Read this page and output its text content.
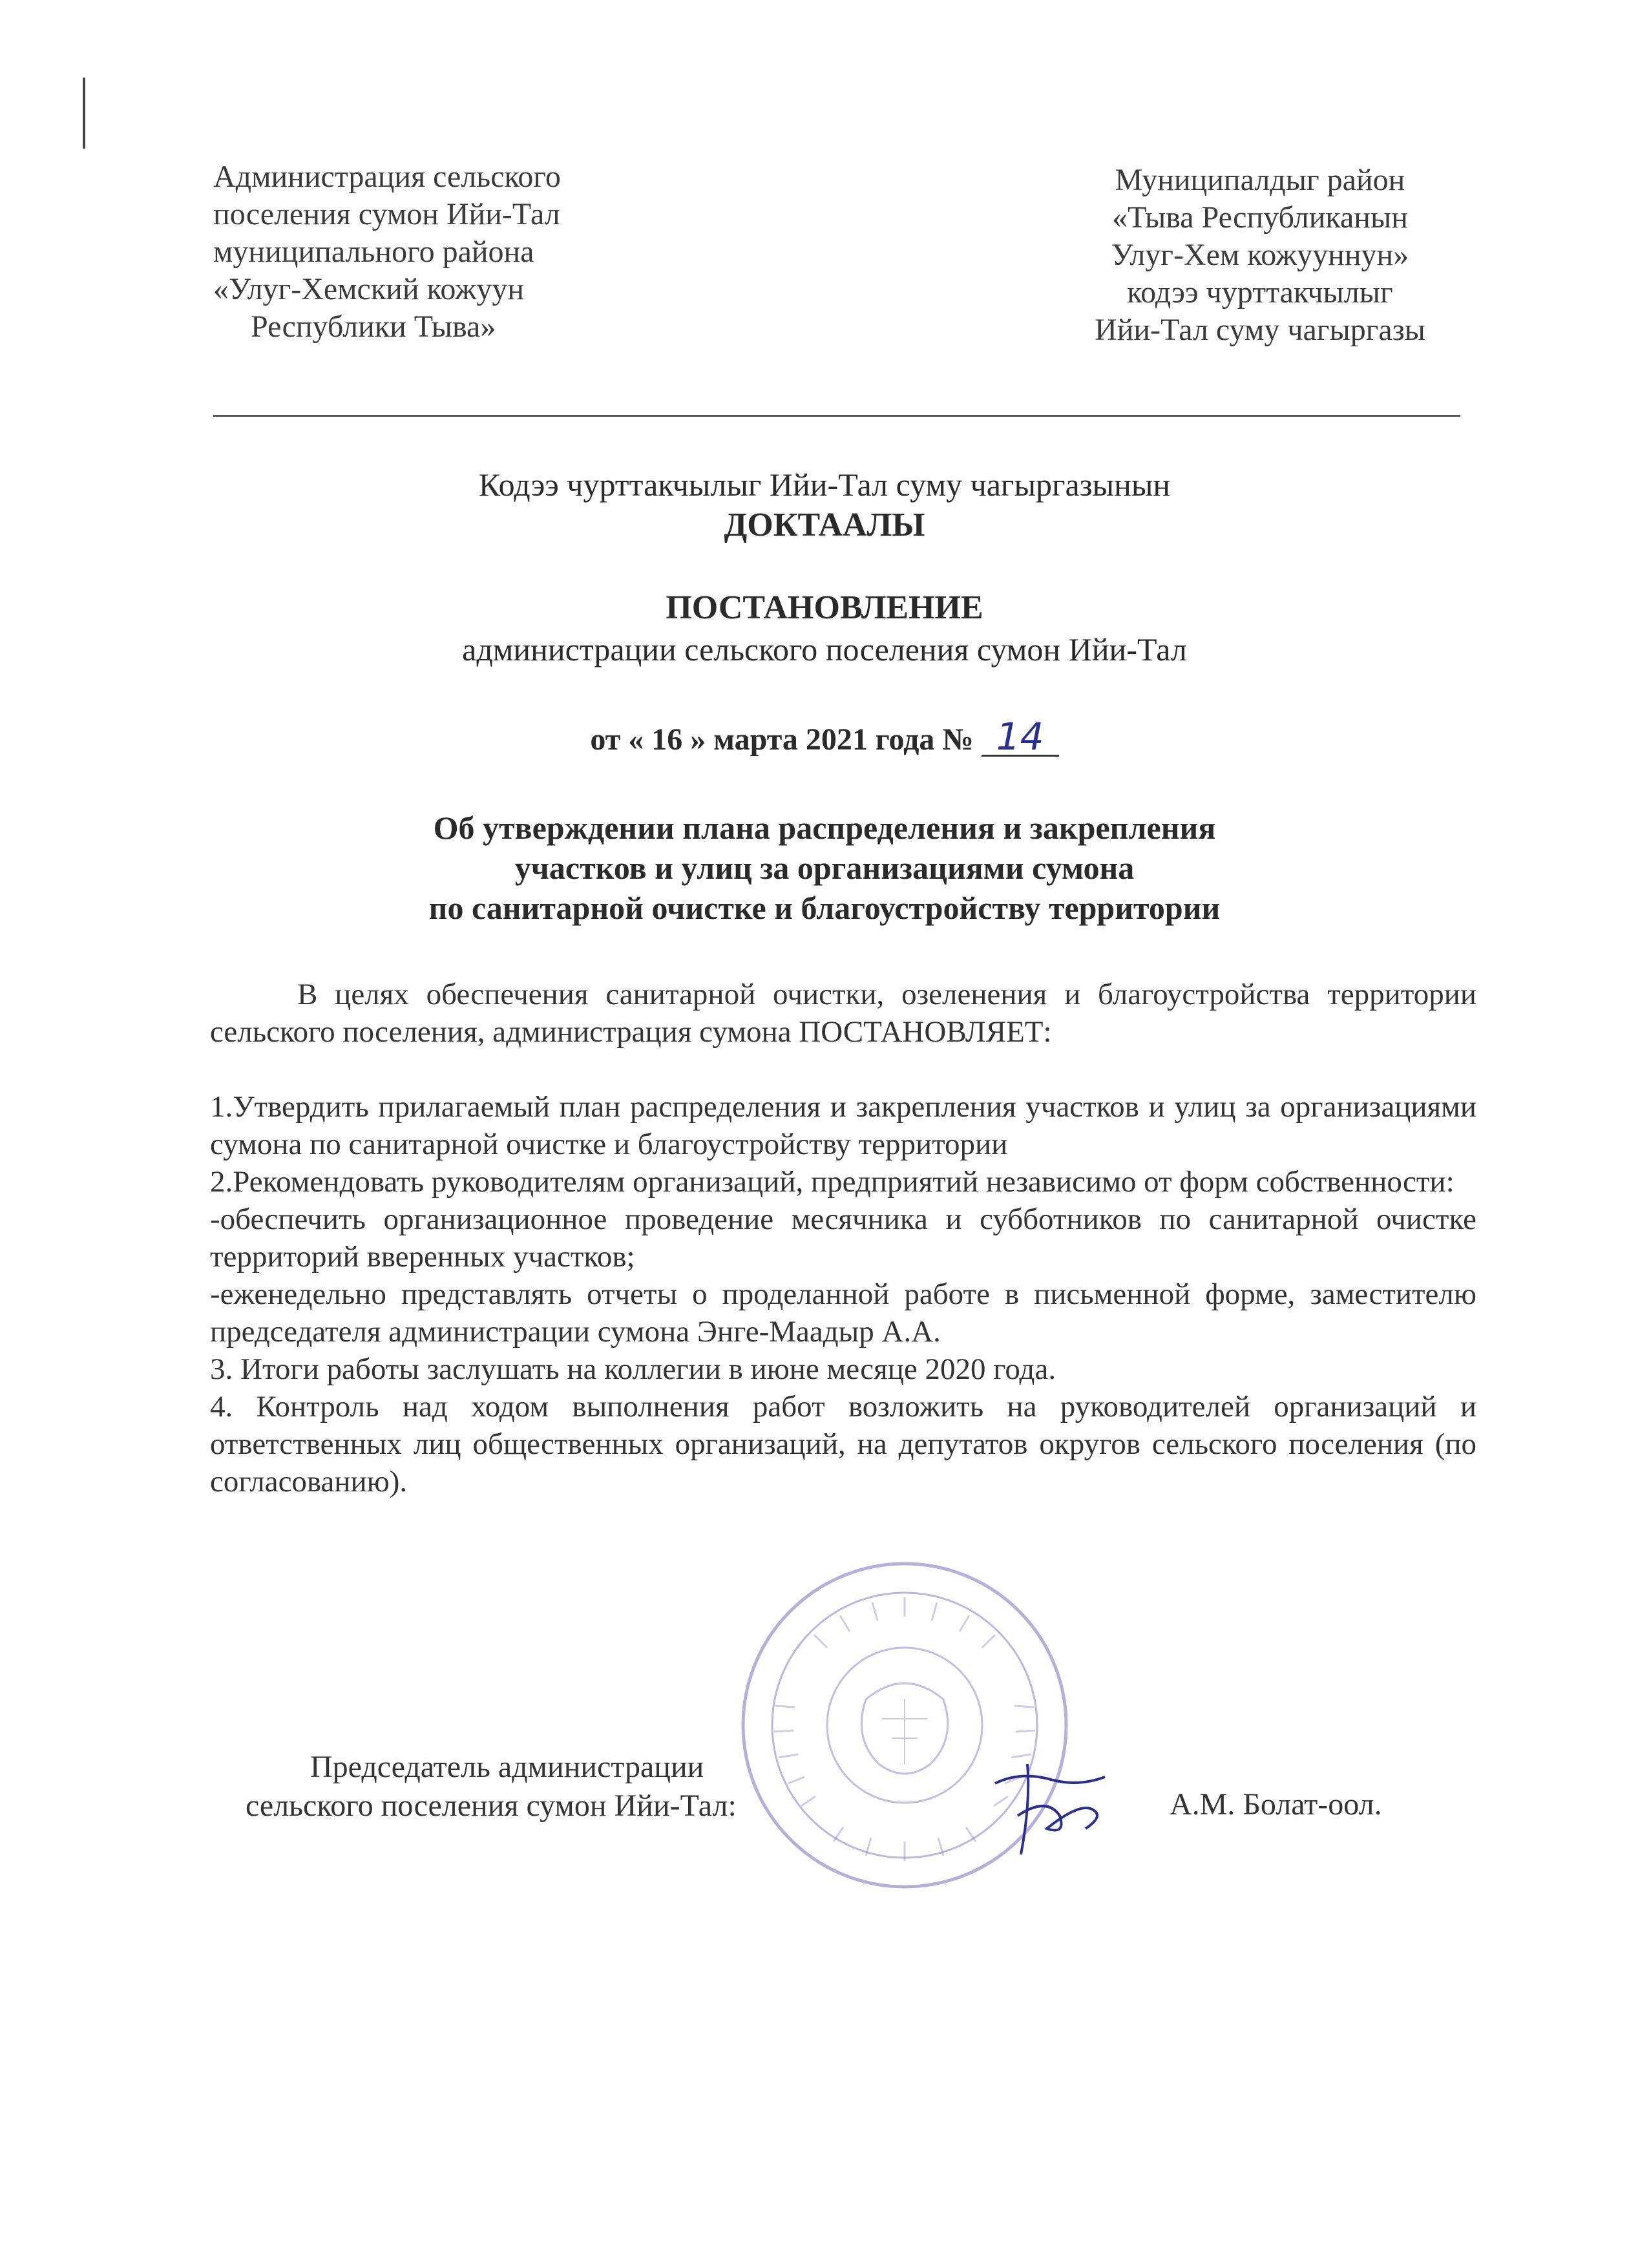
Администрация сельского
поселения сумон Ийи-Тал
муниципального района
«Улуг-Хемский кожуун
Республики Тыва»
Муниципалдыг район
«Тыва Республиканын
Улуг-Хем кожууннун»
кодээ чурттакчылыг
Ийи-Тал суму чагыргазы
Кодээ чурттакчылыг Ийи-Тал суму чагыргазынын
ДОКТААЛЫ
ПОСТАНОВЛЕНИЕ
администрации сельского поселения сумон Ийи-Тал
от « 16 » марта 2021 года № 14
Об утверждении плана распределения и закрепления
участков и улиц за организациями сумона
по санитарной очистке и благоустройству территории

В целях обеспечения санитарной очистки, озеленения и благоустройства территории сельского поселения, администрация сумона ПОСТАНОВЛЯЕТ:

1.Утвердить прилагаемый план распределения и закрепления участков и улиц за организациями сумона по санитарной очистке и благоустройству территории

2.Рекомендовать руководителям организаций, предприятий независимо от форм собственности:

-обеспечить организационное проведение месячника и субботников по санитарной очистке территорий вверенных участков;

-еженедельно представлять отчеты о проделанной работе в письменной форме, заместителю председателя администрации сумона Энге-Маадыр А.А.

3. Итоги работы заслушать на коллегии в июне месяце 2020 года.

4. Контроль над ходом выполнения работ возложить на руководителей организаций и ответственных лиц общественных организаций, на депутатов округов сельского поселения (по согласованию).

Председатель администрации
сельского поселения сумон Ийи-Тал:	А.М. Болат-оол.
